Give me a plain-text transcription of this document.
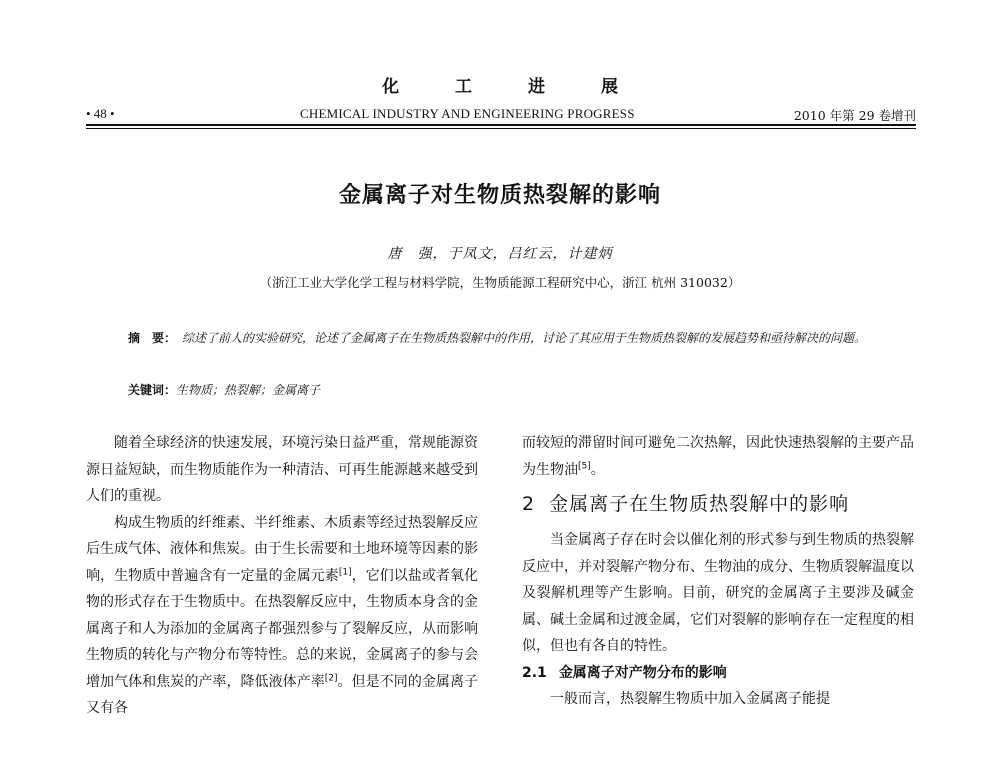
化	工	进	展
• 48 •	CHEMICAL INDUSTRY AND ENGINEERING PROGRESS	2010 年第 29 卷增刊
金属离子对生物质热裂解的影响
唐　强，于凤文，吕红云，计建炳
（浙江工业大学化学工程与材料学院，生物质能源工程研究中心，浙江 杭州 310032）
摘　要： 综述了前人的实验研究，论述了金属离子在生物质热裂解中的作用，讨论了其应用于生物质热裂解的发展趋势和亟待解决的问题。
关键词：生物质；热裂解；金属离子

随着全球经济的快速发展，环境污染日益严重，常规能源资源日益短缺，而生物质能作为一种清洁、可再生能源越来越受到人们的重视。

构成生物质的纤维素、半纤维素、木质素等经过热裂解反应后生成气体、液体和焦炭。由于生长需要和土地环境等因素的影响，生物质中普遍含有一定量的金属元素[1]，它们以盐或者氧化物的形式存在于生物质中。在热裂解反应中，生物质本身含的金属离子和人为添加的金属离子都强烈参与了裂解反应，从而影响生物质的转化与产物分布等特性。总的来说，金属离子的参与会增加气体和焦炭的产率，降低液体产率[2]。但是不同的金属离子又有各

而较短的滞留时间可避免二次热解，因此快速热裂解的主要产品为生物油[5]。

2 金属离子在生物质热裂解中的影响

当金属离子存在时会以催化剂的形式参与到生物质的热裂解反应中，并对裂解产物分布、生物油的成分、生物质裂解温度以及裂解机理等产生影响。目前，研究的金属离子主要涉及碱金属、碱土金属和过渡金属，它们对裂解的影响存在一定程度的相似，但也有各自的特性。

2.1 金属离子对产物分布的影响

一般而言，热裂解生物质中加入金属离子能提
